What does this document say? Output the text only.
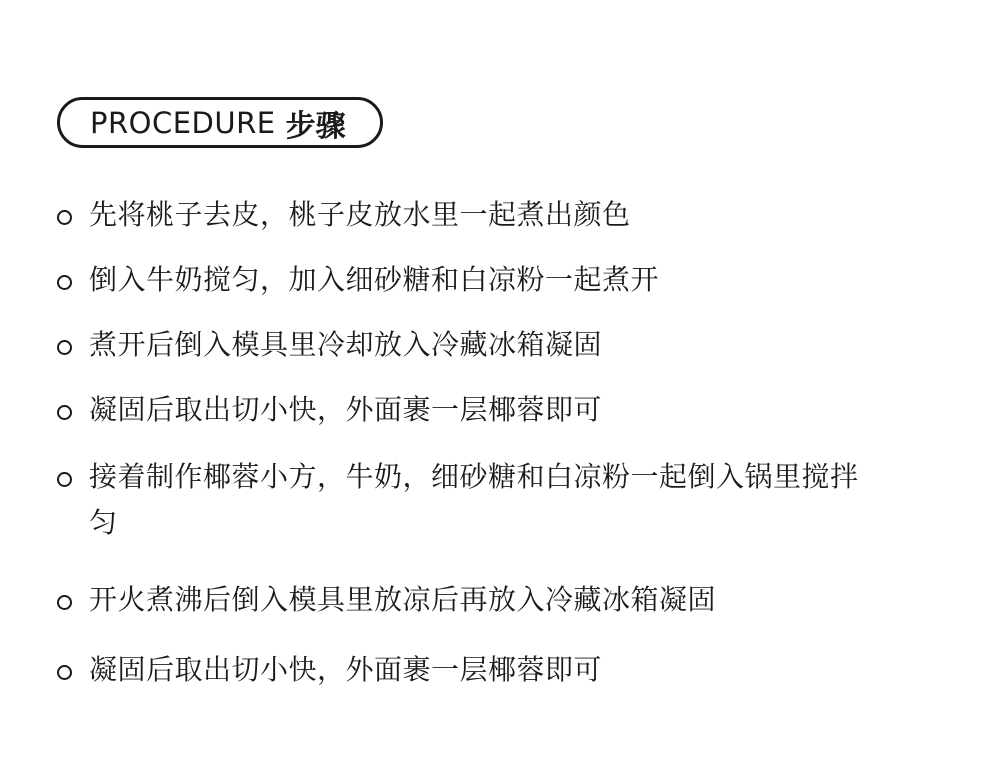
PROCEDURE 步骤
先将桃子去皮，桃子皮放水里一起煮出颜色
倒入牛奶搅匀，加入细砂糖和白凉粉一起煮开
煮开后倒入模具里冷却放入冷藏冰箱凝固
凝固后取出切小快，外面裹一层椰蓉即可
接着制作椰蓉小方，牛奶，细砂糖和白凉粉一起倒入锅里搅拌匀
开火煮沸后倒入模具里放凉后再放入冷藏冰箱凝固
凝固后取出切小快，外面裹一层椰蓉即可
